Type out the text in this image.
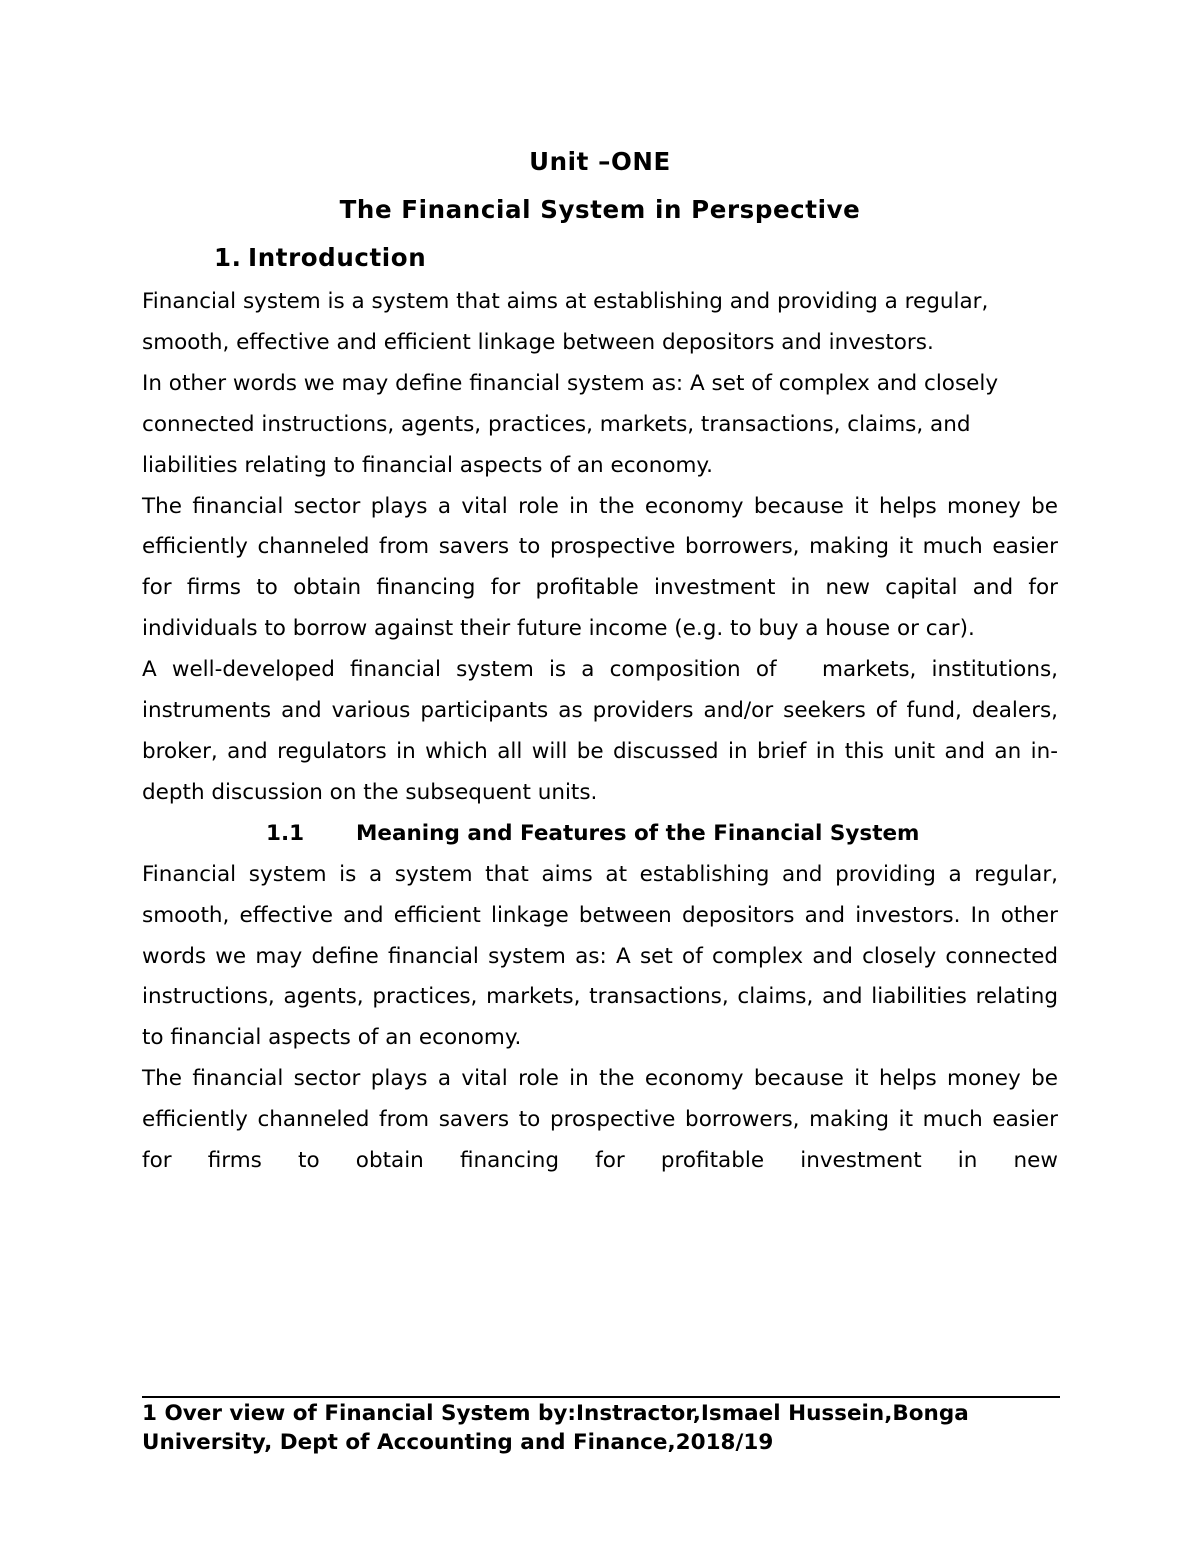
Unit –ONE

The Financial System in Perspective

1. Introduction

Financial system is a system that aims at establishing and providing a regular, smooth, effective and efficient linkage between depositors and investors.

In other words we may define financial system as: A set of complex and closely connected instructions, agents, practices, markets, transactions, claims, and liabilities relating to financial aspects of an economy.

The financial sector plays a vital role in the economy because it helps money be efficiently channeled from savers to prospective borrowers, making it much easier for firms to obtain financing for profitable investment in new capital and for individuals to borrow against their future income (e.g. to buy a house or car).

A well-developed financial system is a composition of   markets, institutions, instruments and various participants as providers and/or seekers of fund, dealers, broker, and regulators in which all will be discussed in brief in this unit and an in-depth discussion on the subsequent units.

1.1	Meaning and Features of the Financial System

Financial system is a system that aims at establishing and providing a regular, smooth, effective and efficient linkage between depositors and investors. In other words we may define financial system as: A set of complex and closely connected instructions, agents, practices, markets, transactions, claims, and liabilities relating to financial aspects of an economy.

The financial sector plays a vital role in the economy because it helps money be efficiently channeled from savers to prospective borrowers, making it much easier for firms to obtain financing for profitable investment in new

1 Over view of Financial System by:Instractor,Ismael Hussein,Bonga University, Dept of Accounting and Finance,2018/19
